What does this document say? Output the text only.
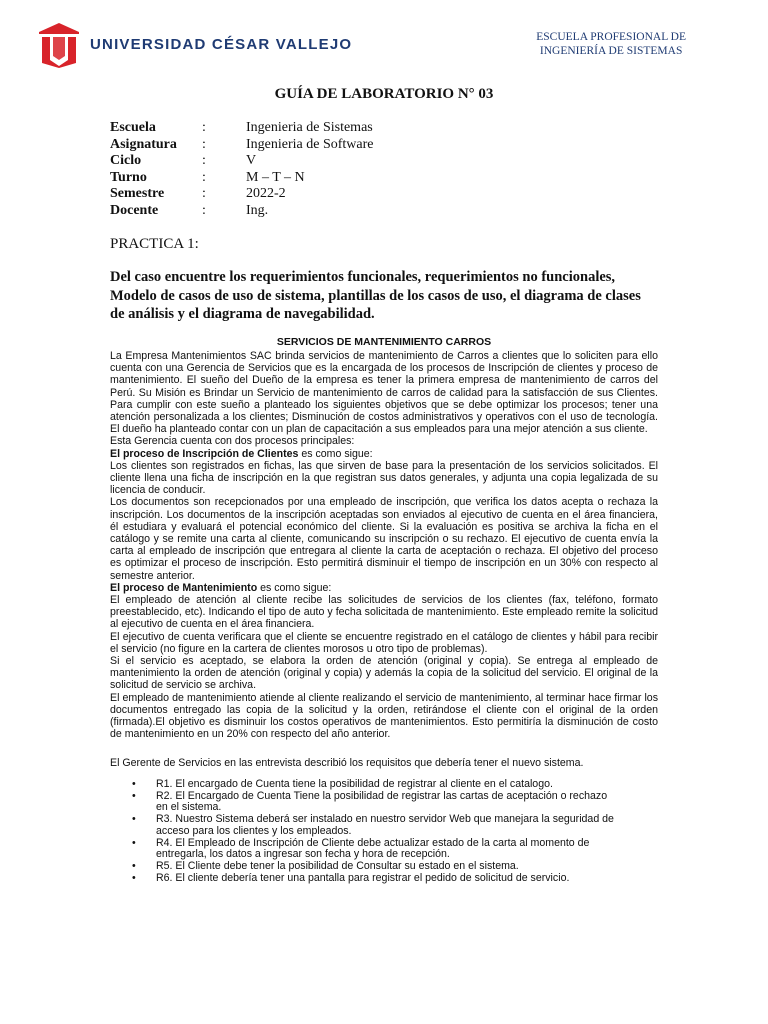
UNIVERSIDAD CÉSAR VALLEJO	ESCUELA PROFESIONAL DE
INGENIERÍA DE SISTEMAS
GUÍA DE LABORATORIO N° 03
Escuela	:	Ingenieria de Sistemas
Asignatura	:	Ingenieria de Software
Ciclo	:	V
Turno	:	M – T – N
Semestre	:	2022-2
Docente	:	Ing.
PRACTICA 1:
Del caso encuentre los requerimientos funcionales, requerimientos no funcionales, Modelo de casos de uso de sistema, plantillas de los casos de uso, el diagrama de clases de análisis y el diagrama de navegabilidad.
SERVICIOS DE MANTENIMIENTO CARROS

La Empresa Mantenimientos SAC brinda servicios de mantenimiento de Carros a clientes que lo soliciten para ello cuenta con una Gerencia de Servicios que es la encargada de los procesos de Inscripción de clientes y proceso de mantenimiento. El sueño del Dueño de la empresa es tener la primera empresa de mantenimiento de carros del Perú. Su Misión es Brindar un Servicio de mantenimiento de carros de calidad para la satisfacción de sus Clientes. Para cumplir con este sueño a planteado los siguientes objetivos que se debe optimizar los procesos; tener una atención personalizada a los clientes; Disminución de costos administrativos y operativos con el uso de tecnología. El dueño ha planteado contar con un plan de capacitación a sus empleados para una mejor atención a sus cliente.

Esta Gerencia cuenta con dos procesos principales:

El proceso de Inscripción de Clientes es como sigue:

Los clientes son registrados en fichas, las que sirven de base para la presentación de los servicios solicitados. El cliente llena una ficha de inscripción en la que registran sus datos generales, y adjunta una copia legalizada de su licencia de conducir.

Los documentos son recepcionados por una empleado de inscripción, que verifica los datos acepta o rechaza la inscripción. Los documentos de la inscripción aceptadas son enviados al ejecutivo de cuenta en el área financiera, él estudiara y evaluará el potencial económico del cliente. Si la evaluación es positiva se archiva la ficha en el catálogo y se remite una carta al cliente, comunicando su inscripción o su rechazo. El ejecutivo de cuenta envía la carta al empleado de inscripción que entregara al cliente la carta de aceptación o rechaza. El objetivo del proceso es optimizar el proceso de inscripción. Esto permitirá disminuir el tiempo de inscripción en un 30% con respecto al semestre anterior.

El proceso de Mantenimiento es como sigue:

El empleado de atención al cliente recibe las solicitudes de servicios de los clientes (fax, teléfono, formato preestablecido, etc). Indicando el tipo de auto y fecha solicitada de mantenimiento. Este empleado remite la solicitud al ejecutivo de cuenta en el área financiera.

El ejecutivo de cuenta verificara que el cliente se encuentre registrado en el catálogo de clientes y hábil para recibir el servicio (no figure en la cartera de clientes morosos u otro tipo de problemas).

Si el servicio es aceptado, se elabora la orden de atención (original y copia). Se entrega al empleado de mantenimiento la orden de atención (original y copia) y además la copia de la solicitud del servicio. El original de la solicitud de servicio se archiva.

El empleado de mantenimiento atiende al cliente realizando el servicio de mantenimiento, al terminar hace firmar los documentos entregado las copia de la solicitud y la orden, retirándose el cliente con el original de la orden (firmada).El objetivo es disminuir los costos operativos de mantenimientos. Esto permitiría la disminución de costo de mantenimiento en un 20% con respecto del año anterior.

El Gerente de Servicios en las entrevista describió los requisitos que debería tener el nuevo sistema.

•	R1. El encargado de Cuenta tiene la posibilidad de registrar al cliente en el catalogo.
•	R2. El Encargado de Cuenta Tiene la posibilidad de registrar las cartas de aceptación o rechazo en el sistema.
•	R3. Nuestro Sistema deberá ser instalado en nuestro servidor Web que manejara la seguridad de acceso para los clientes y los empleados.
•	R4. El Empleado de Inscripción de Cliente debe actualizar estado de la carta al momento de entregarla, los datos a ingresar son fecha y hora de recepción.
•	R5. El Cliente debe tener la posibilidad de Consultar su estado en el sistema.
•	R6. El cliente debería tener una pantalla para registrar el pedido de solicitud de servicio.
